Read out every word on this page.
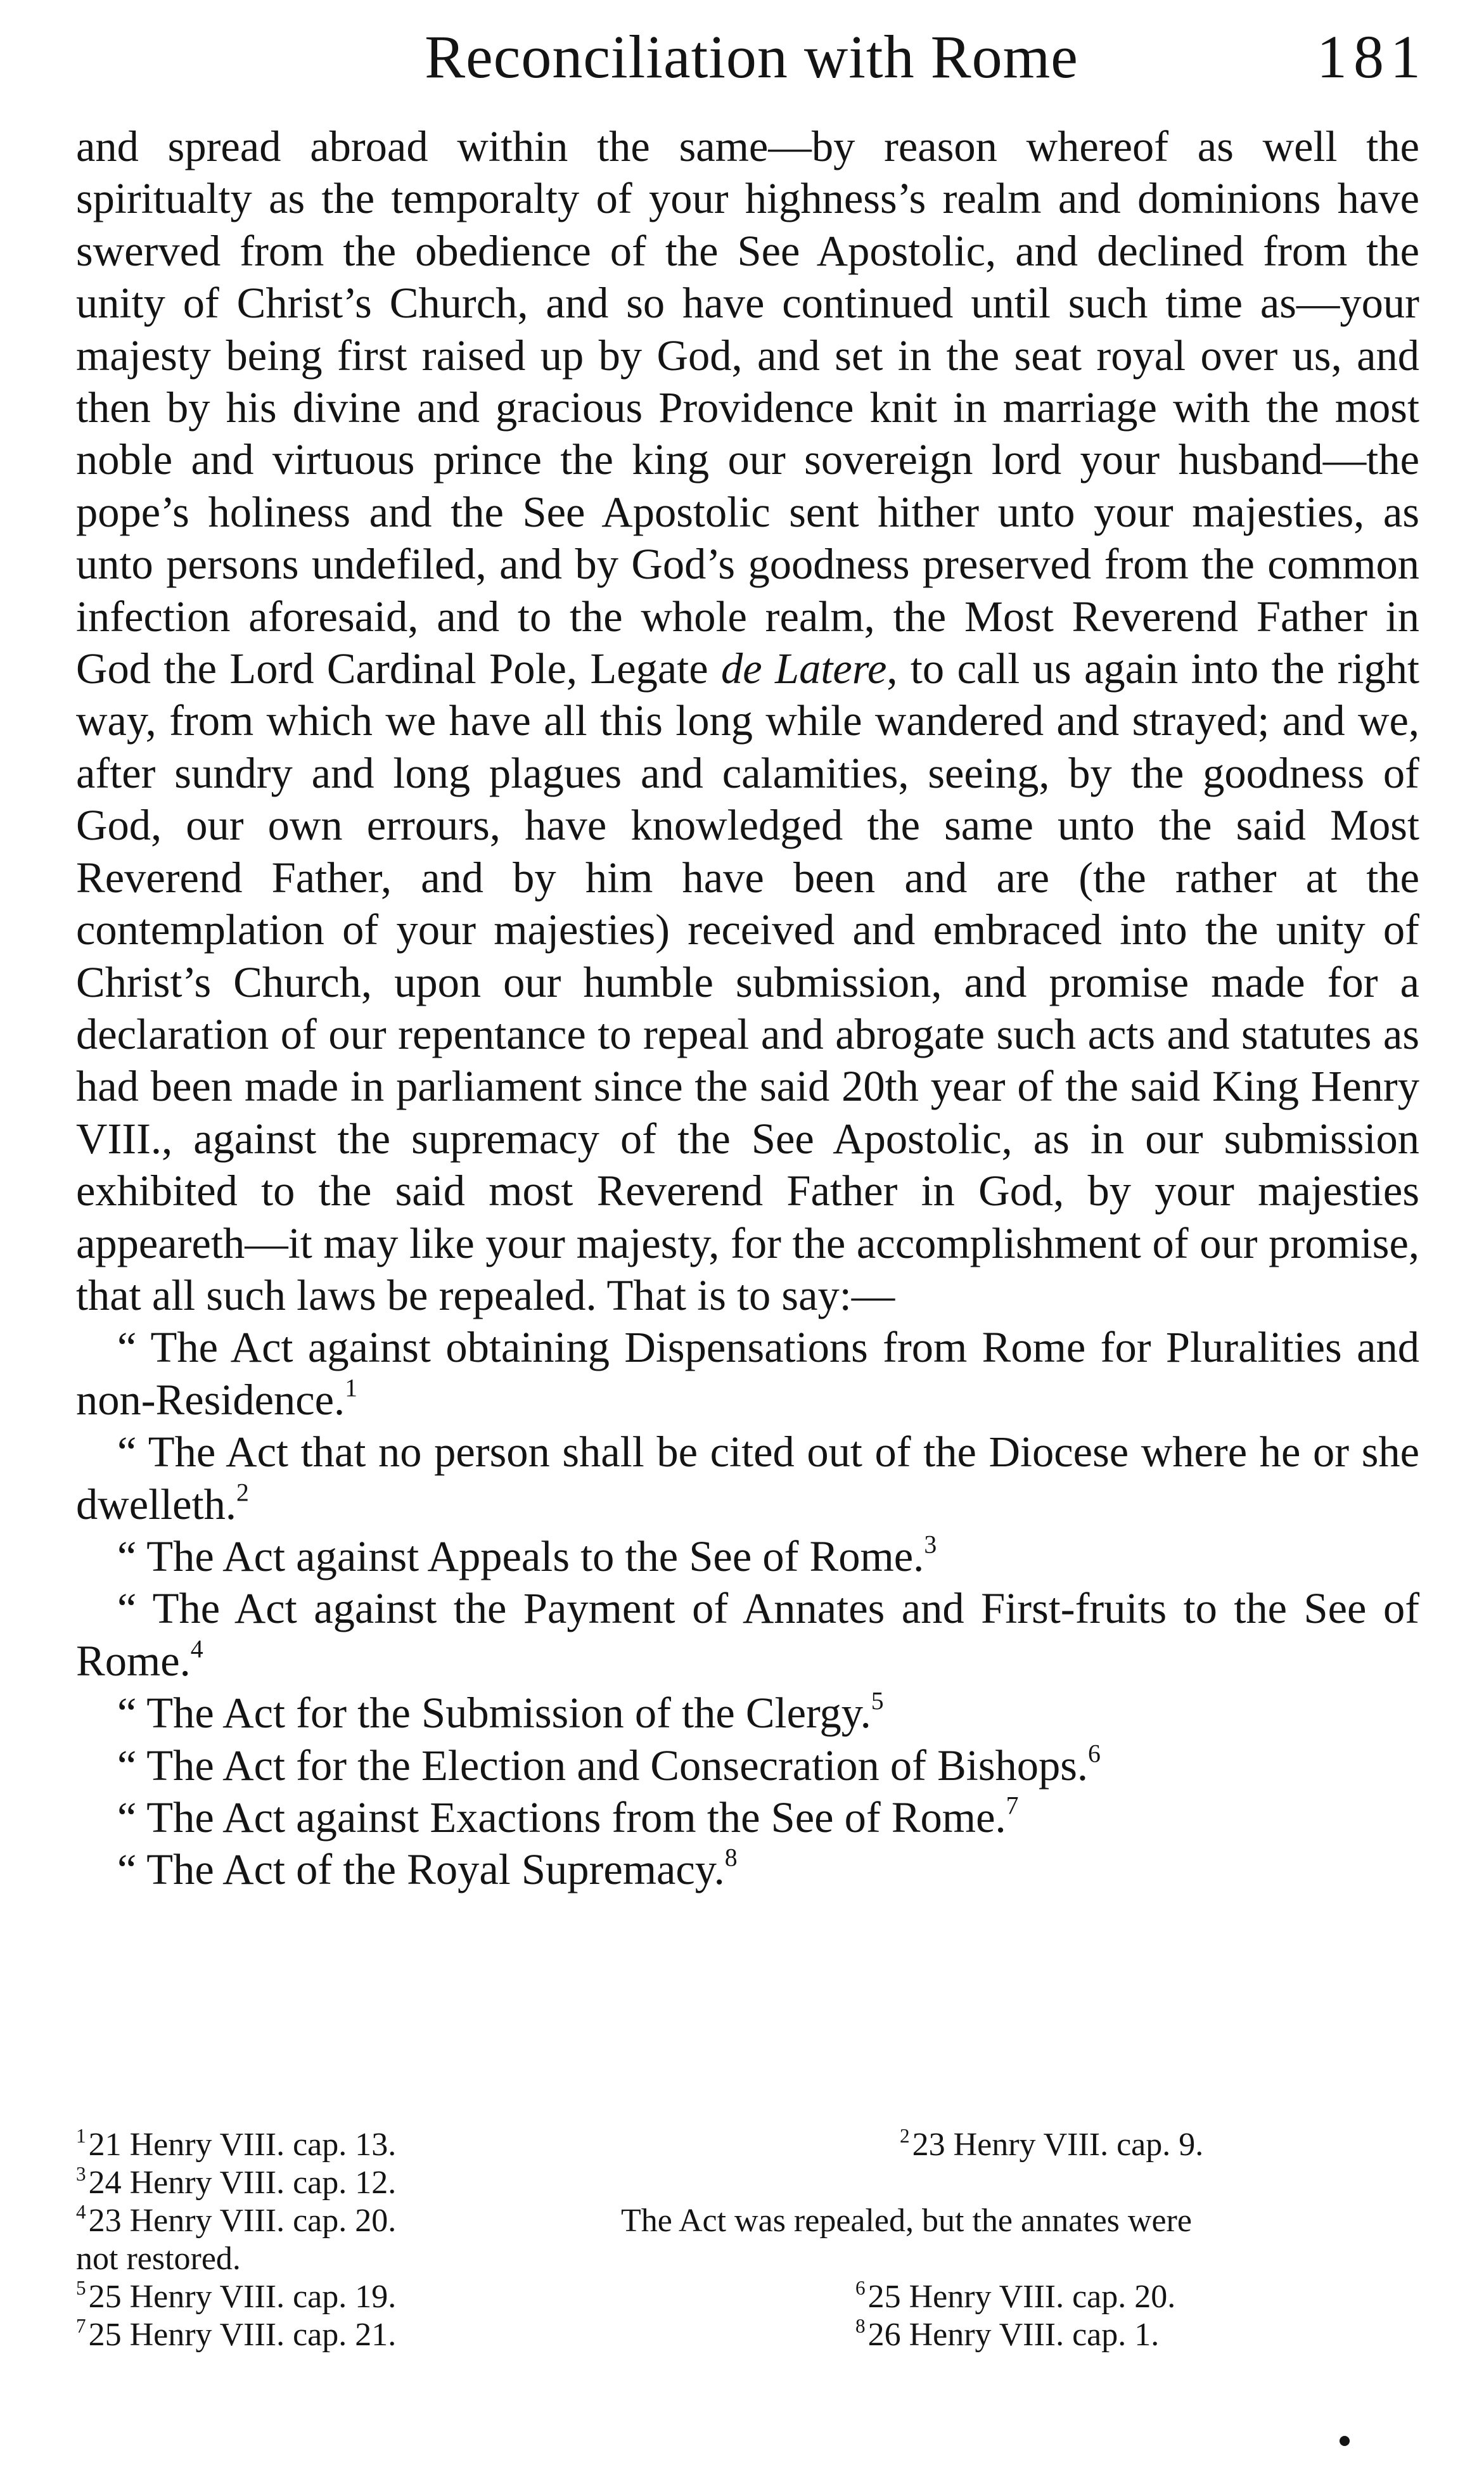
Reconciliation with Rome	181

and spread abroad within the same—by reason whereof as well the spiritualty as the temporalty of your highness’s realm and dominions have swerved from the obedience of the See Apostolic, and declined from the unity of Christ’s Church, and so have continued until such time as—your majesty being first raised up by God, and set in the seat royal over us, and then by his divine and gracious Providence knit in marriage with the most noble and virtuous prince the king our sovereign lord your husband—the pope’s holiness and the See Apostolic sent hither unto your majesties, as unto persons undefiled, and by God’s goodness preserved from the common infection aforesaid, and to the whole realm, the Most Reverend Father in God the Lord Cardinal Pole, Legate de Latere, to call us again into the right way, from which we have all this long while wandered and strayed; and we, after sundry and long plagues and calamities, seeing, by the goodness of God, our own errours, have knowledged the same unto the said Most Reverend Father, and by him have been and are (the rather at the contemplation of your majesties) received and embraced into the unity of Christ’s Church, upon our humble submission, and promise made for a declaration of our repentance to repeal and abrogate such acts and statutes as had been made in parliament since the said 20th year of the said King Henry VIII., against the supremacy of the See Apostolic, as in our submission exhibited to the said most Reverend Father in God, by your majesties appeareth—it may like your majesty, for the accomplishment of our promise, that all such laws be repealed. That is to say:—

“ The Act against obtaining Dispensations from Rome for Pluralities and non-Residence.$^1$

“ The Act that no person shall be cited out of the Diocese where he or she dwelleth.$^2$

“ The Act against Appeals to the See of Rome.$^3$

“ The Act against the Payment of Annates and First-fruits to the See of Rome.$^4$

“ The Act for the Submission of the Clergy.$^5$

“ The Act for the Election and Consecration of Bishops.$^6$

“ The Act against Exactions from the See of Rome.$^7$

“ The Act of the Royal Supremacy.$^8$

$^1$21 Henry VIII. cap. 13.	$^2$23 Henry VIII. cap. 9.
$^3$24 Henry VIII. cap. 12.
$^4$23 Henry VIII. cap. 20.	The Act was repealed, but the annates were
not restored.
$^5$25 Henry VIII. cap. 19.	$^6$25 Henry VIII. cap. 20.
$^7$25 Henry VIII. cap. 21.	$^8$26 Henry VIII. cap. 1.
